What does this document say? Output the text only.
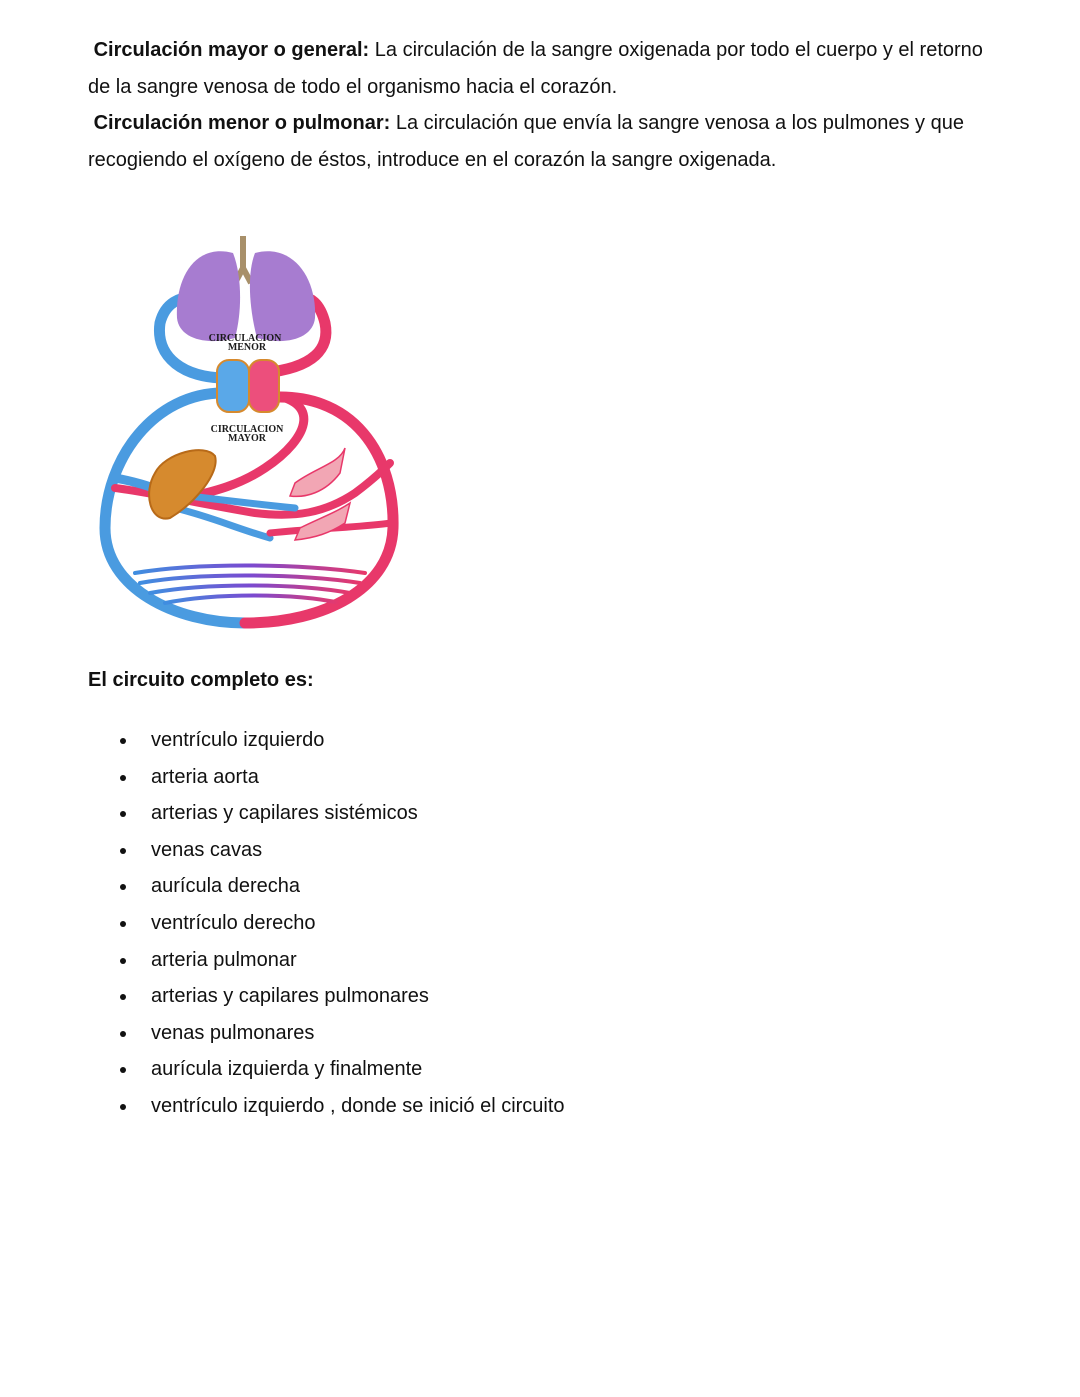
Circulación mayor o general: La circulación de la sangre oxigenada por todo el cuerpo y el retorno de la sangre venosa de todo el organismo hacia el corazón.

Circulación menor o pulmonar: La circulación que envía la sangre venosa a los pulmones y que recogiendo el oxígeno de éstos, introduce en el corazón la sangre oxigenada.

CIRCULACION
MENOR
CIRCULACION
MAYOR
El circuito completo es:
ventrículo izquierdo
arteria aorta
arterias y capilares sistémicos
venas cavas
aurícula derecha
ventrículo derecho
arteria pulmonar
arterias y capilares pulmonares
venas pulmonares
aurícula izquierda y finalmente
ventrículo izquierdo , donde se inició el circuito
